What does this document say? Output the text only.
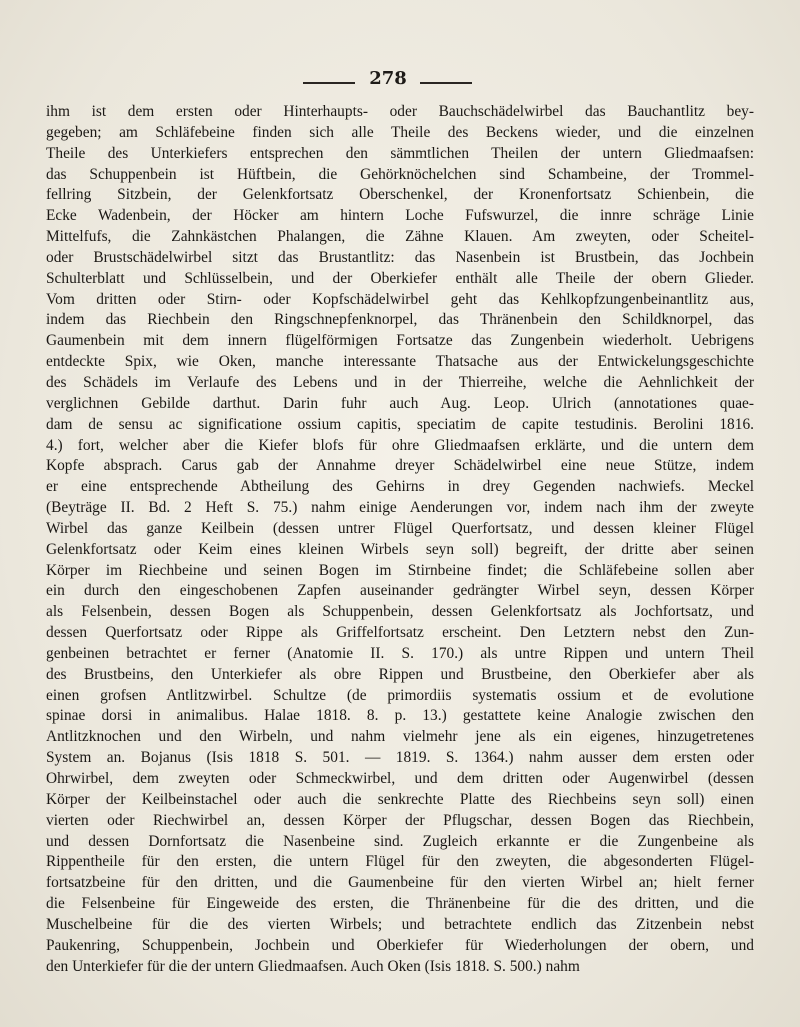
278
ihm ist dem ersten oder Hinterhaupts- oder Bauchschädelwirbel das Bauchantlitz bey-
gegeben; am Schläfebeine finden sich alle Theile des Beckens wieder, und die einzelnen
Theile des Unterkiefers entsprechen den sämmtlichen Theilen der untern Gliedmaafsen:
das Schuppenbein ist Hüftbein, die Gehörknöchelchen sind Schambeine, der Trommel-
fellring Sitzbein, der Gelenkfortsatz Oberschenkel, der Kronenfortsatz Schienbein, die
Ecke Wadenbein, der Höcker am hintern Loche Fufswurzel, die innre schräge Linie
Mittelfufs, die Zahnkästchen Phalangen, die Zähne Klauen. Am zweyten, oder Scheitel-
oder Brustschädelwirbel sitzt das Brustantlitz: das Nasenbein ist Brustbein, das Jochbein
Schulterblatt und Schlüsselbein, und der Oberkiefer enthält alle Theile der obern Glieder.
Vom dritten oder Stirn- oder Kopfschädelwirbel geht das Kehlkopfzungenbeinantlitz aus,
indem das Riechbein den Ringschnepfenknorpel, das Thränenbein den Schildknorpel, das
Gaumenbein mit dem innern flügelförmigen Fortsatze das Zungenbein wiederholt. Uebrigens
entdeckte Spix, wie Oken, manche interessante Thatsache aus der Entwickelungsgeschichte
des Schädels im Verlaufe des Lebens und in der Thierreihe, welche die Aehnlichkeit der
verglichnen Gebilde darthut. Darin fuhr auch Aug. Leop. Ulrich (annotationes quae-
dam de sensu ac significatione ossium capitis, speciatim de capite testudinis. Berolini 1816.
4.) fort, welcher aber die Kiefer blofs für ohre Gliedmaafsen erklärte, und die untern dem
Kopfe absprach. Carus gab der Annahme dreyer Schädelwirbel eine neue Stütze, indem
er eine entsprechende Abtheilung des Gehirns in drey Gegenden nachwiefs. Meckel
(Beyträge II. Bd. 2 Heft S. 75.) nahm einige Aenderungen vor, indem nach ihm der zweyte
Wirbel das ganze Keilbein (dessen untrer Flügel Querfortsatz, und dessen kleiner Flügel
Gelenkfortsatz oder Keim eines kleinen Wirbels seyn soll) begreift, der dritte aber seinen
Körper im Riechbeine und seinen Bogen im Stirnbeine findet; die Schläfebeine sollen aber
ein durch den eingeschobenen Zapfen auseinander gedrängter Wirbel seyn, dessen Körper
als Felsenbein, dessen Bogen als Schuppenbein, dessen Gelenkfortsatz als Jochfortsatz, und
dessen Querfortsatz oder Rippe als Griffelfortsatz erscheint. Den Letztern nebst den Zun-
genbeinen betrachtet er ferner (Anatomie II. S. 170.) als untre Rippen und untern Theil
des Brustbeins, den Unterkiefer als obre Rippen und Brustbeine, den Oberkiefer aber als
einen grofsen Antlitzwirbel. Schultze (de primordiis systematis ossium et de evolutione
spinae dorsi in animalibus. Halae 1818. 8. p. 13.) gestattete keine Analogie zwischen den
Antlitzknochen und den Wirbeln, und nahm vielmehr jene als ein eigenes, hinzugetretenes
System an. Bojanus (Isis 1818 S. 501. — 1819. S. 1364.) nahm ausser dem ersten oder
Ohrwirbel, dem zweyten oder Schmeckwirbel, und dem dritten oder Augenwirbel (dessen
Körper der Keilbeinstachel oder auch die senkrechte Platte des Riechbeins seyn soll) einen
vierten oder Riechwirbel an, dessen Körper der Pflugschar, dessen Bogen das Riechbein,
und dessen Dornfortsatz die Nasenbeine sind. Zugleich erkannte er die Zungenbeine als
Rippentheile für den ersten, die untern Flügel für den zweyten, die abgesonderten Flügel-
fortsatzbeine für den dritten, und die Gaumenbeine für den vierten Wirbel an; hielt ferner
die Felsenbeine für Eingeweide des ersten, die Thränenbeine für die des dritten, und die
Muschelbeine für die des vierten Wirbels; und betrachtete endlich das Zitzenbein nebst
Paukenring, Schuppenbein, Jochbein und Oberkiefer für Wiederholungen der obern, und
den Unterkiefer für die der untern Gliedmaafsen. Auch Oken (Isis 1818. S. 500.) nahm
